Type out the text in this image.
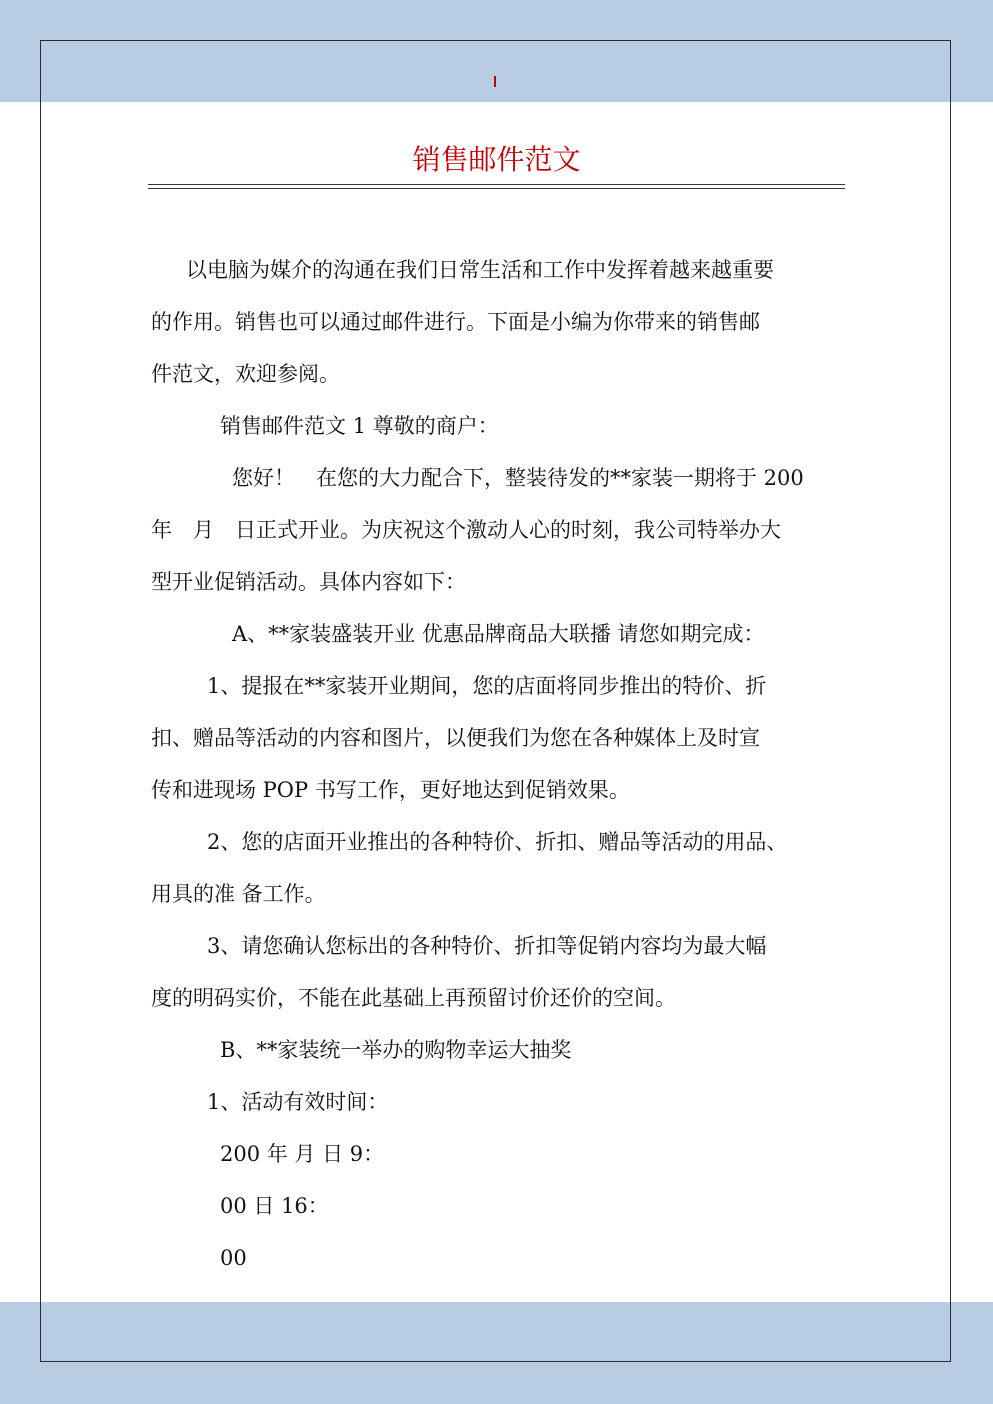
销售邮件范文
以电脑为媒介的沟通在我们日常生活和工作中发挥着越来越重要
的作用。销售也可以通过邮件进行。下面是小编为你带来的销售邮
件范文，欢迎参阅。
销售邮件范文 1 尊敬的商户：
您好！　在您的大力配合下，整装待发的**家装一期将于 200
年　月　日正式开业。为庆祝这个激动人心的时刻，我公司特举办大
型开业促销活动。具体内容如下：
A、**家装盛装开业 优惠品牌商品大联播 请您如期完成：
1、提报在**家装开业期间，您的店面将同步推出的特价、折
扣、赠品等活动的内容和图片，以便我们为您在各种媒体上及时宣
传和进现场 POP 书写工作，更好地达到促销效果。
2、您的店面开业推出的各种特价、折扣、赠品等活动的用品、
用具的准 备工作。
3、请您确认您标出的各种特价、折扣等促销内容均为最大幅
度的明码实价，不能在此基础上再预留讨价还价的空间。
B、**家装统一举办的购物幸运大抽奖
1、活动有效时间：
200 年 月 日 9：
00 日 16：
00
